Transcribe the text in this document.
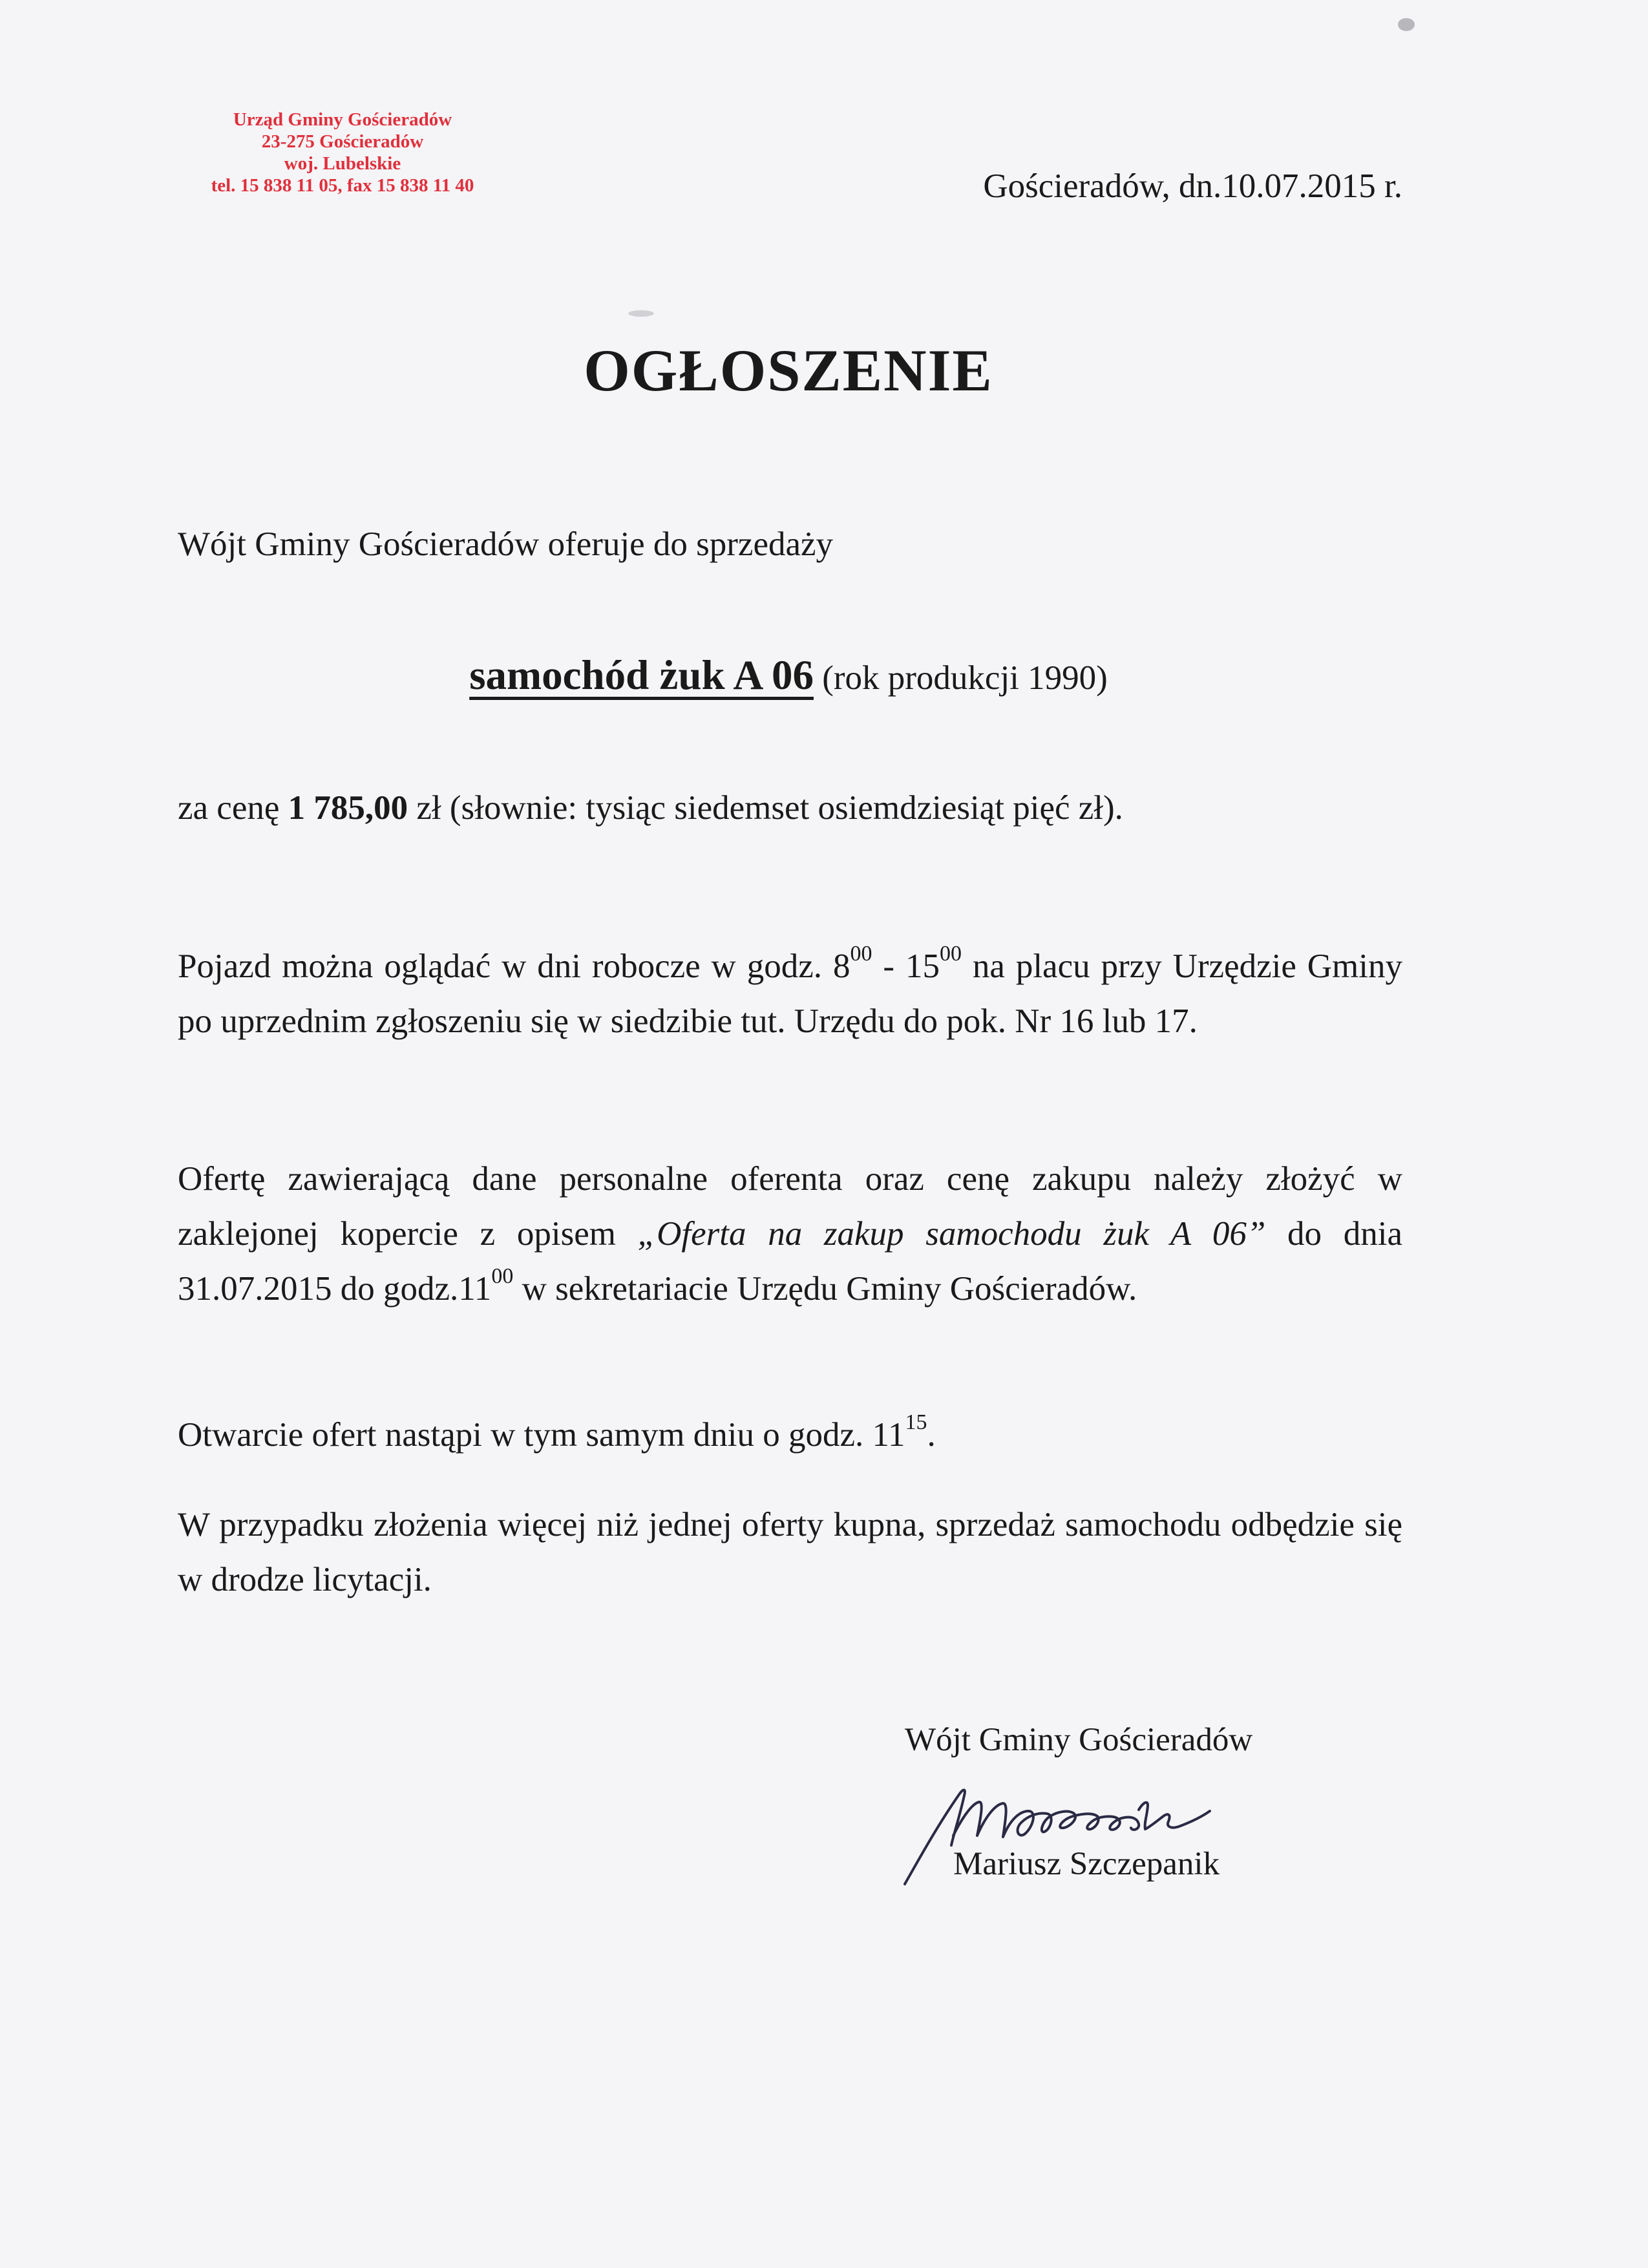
Urząd Gminy Gościeradów
23-275 Gościeradów
woj. Lubelskie
tel. 15 838 11 05, fax 15 838 11 40	Gościeradów, dn.10.07.2015 r.
OGŁOSZENIE
Wójt Gminy Gościeradów oferuje do sprzedaży
samochód żuk A 06 (rok produkcji 1990)
za cenę 1 785,00 zł (słownie: tysiąc siedemset osiemdziesiąt pięć zł).
Pojazd można oglądać w dni robocze w godz. $8^{00} - 15^{00}$ na placu przy Urzędzie Gminy po uprzednim zgłoszeniu się w siedzibie tut. Urzędu do pok. Nr 16 lub 17.
Ofertę zawierającą dane personalne oferenta oraz cenę zakupu należy złożyć w zaklejonej kopercie z opisem „Oferta na zakup samochodu żuk A 06” do dnia 31.07.2015 do $godz.11^{00}$ w sekretariacie Urzędu Gminy Gościeradów.
Otwarcie ofert nastąpi w tym samym dniu o godz. $11^{15}$.
W przypadku złożenia więcej niż jednej oferty kupna, sprzedaż samochodu odbędzie się w drodze licytacji.
Wójt Gminy Gościeradów
Mariusz Szczepanik
